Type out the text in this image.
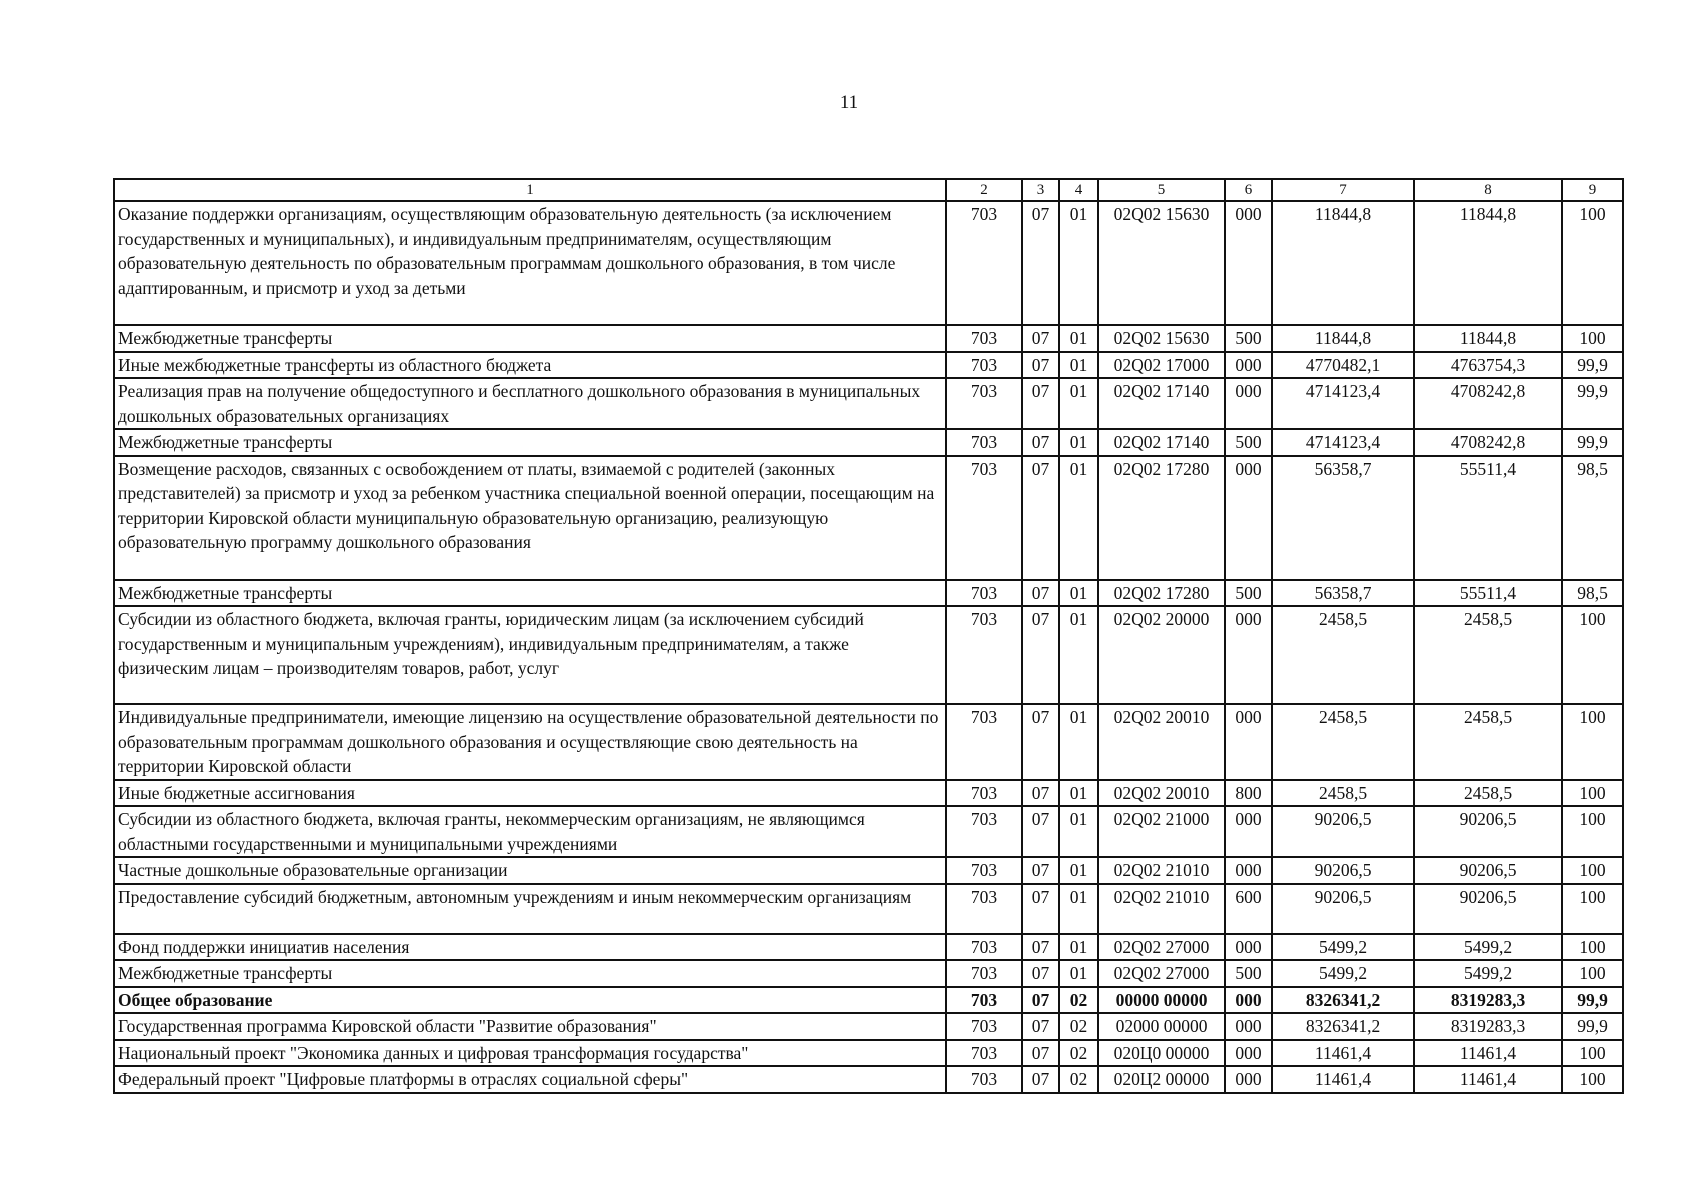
11
1	2	3	4	5	6	7	8	9
Оказание поддержки организациям, осуществляющим образовательную деятельность (за исключением государственных и муниципальных), и индивидуальным предпринимателям, осуществляющим образовательную деятельность по образовательным программам дошкольного образования, в том числе адаптированным, и присмотр и уход за детьми	703	07	01	02Q02 15630	000	11844,8	11844,8	100
Межбюджетные трансферты	703	07	01	02Q02 15630	500	11844,8	11844,8	100
Иные межбюджетные трансферты из областного бюджета	703	07	01	02Q02 17000	000	4770482,1	4763754,3	99,9
Реализация прав на получение общедоступного и бесплатного дошкольного образования в муниципальных дошкольных образовательных организациях	703	07	01	02Q02 17140	000	4714123,4	4708242,8	99,9
Межбюджетные трансферты	703	07	01	02Q02 17140	500	4714123,4	4708242,8	99,9
Возмещение расходов, связанных с освобождением от платы, взимаемой с родителей (законных представителей) за присмотр и уход за ребенком участника специальной военной операции, посещающим на территории Кировской области муниципальную образовательную организацию, реализующую образовательную программу дошкольного образования	703	07	01	02Q02 17280	000	56358,7	55511,4	98,5
Межбюджетные трансферты	703	07	01	02Q02 17280	500	56358,7	55511,4	98,5
Субсидии из областного бюджета, включая гранты, юридическим лицам (за исключением субсидий государственным и муниципальным учреждениям), индивидуальным предпринимателям, а также физическим лицам – производителям товаров, работ, услуг	703	07	01	02Q02 20000	000	2458,5	2458,5	100
Индивидуальные предприниматели, имеющие лицензию на осуществление образовательной деятельности по образовательным программам дошкольного образования и осуществляющие свою деятельность на территории Кировской области	703	07	01	02Q02 20010	000	2458,5	2458,5	100
Иные бюджетные ассигнования	703	07	01	02Q02 20010	800	2458,5	2458,5	100
Субсидии из областного бюджета, включая гранты, некоммерческим организациям, не являющимся областными государственными и муниципальными учреждениями	703	07	01	02Q02 21000	000	90206,5	90206,5	100
Частные дошкольные образовательные организации	703	07	01	02Q02 21010	000	90206,5	90206,5	100
Предоставление субсидий бюджетным, автономным учреждениям и иным некоммерческим организациям	703	07	01	02Q02 21010	600	90206,5	90206,5	100
Фонд поддержки инициатив населения	703	07	01	02Q02 27000	000	5499,2	5499,2	100
Межбюджетные трансферты	703	07	01	02Q02 27000	500	5499,2	5499,2	100
Общее образование	703	07	02	00000 00000	000	8326341,2	8319283,3	99,9
Государственная программа Кировской области "Развитие образования"	703	07	02	02000 00000	000	8326341,2	8319283,3	99,9
Национальный проект "Экономика данных и цифровая трансформация государства"	703	07	02	020Ц0 00000	000	11461,4	11461,4	100
Федеральный проект "Цифровые платформы в отраслях социальной сферы"	703	07	02	020Ц2 00000	000	11461,4	11461,4	100
